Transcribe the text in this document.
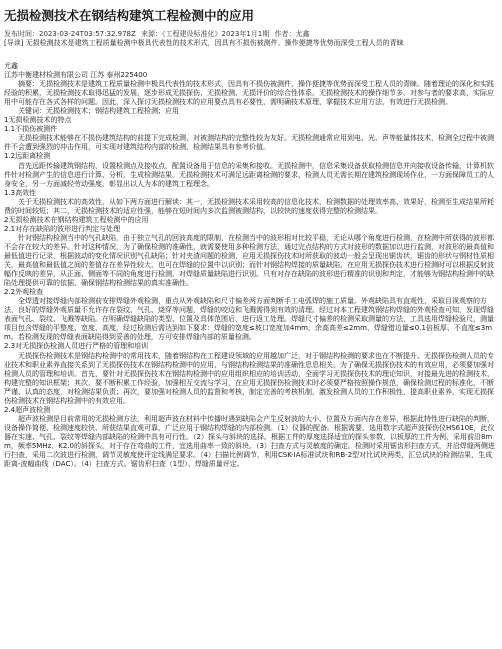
无损检测技术在钢结构建筑工程检测中的应用
发布时间：2023-03-24T03:57:32.978Z 来源：《工程建设标准化》2023年1月1期 作者：尤鑫
[导读] 无损检测技术是建筑工程质量检测中极具代表性的技术形式，因具有不损伤被测件、操作便捷等优势而深受工程人员的青睐

尤鑫

江苏中衡建材检测有限公司 江苏 泰州225400

摘要：无损检测技术是建筑工程质量检测中极具代表性的技术形式，因具有不损伤被测件、操作便捷等优势而深受工程人员的青睐。随着理论的深化和实践经验的积累，无损检测技术取得迅猛的发展，逐步形成无损探伤、无损检测、无损评价的综合性体系。无损检测技术的操作细节多，对参与者的要求高，实际应用中可能存在各式各样的问题。因此，深入探讨无损检测技术的应用要点具有必要性，需明确技术原理，掌握技术应用方法，有效进行无损检测。

关键词：无损检测技术；钢结构建筑工程检测；应用

1无损检测技术的特点

1.1不损伤被测件

无损检测技术能够在不损伤建筑结构的前提下完成检测，对被测结构的完整性较为友好。无损检测通常应用到电、光、声等能量体技术，检测全过程中被测件不会遭到强烈的冲击作用，可实现对建筑结构内部的检测，检测结果具有参考价值。

1.2远距离检测

首先远距传输建筑钢结构，设置检测点及接收点，配置设备用于信息的采集和接收。无损检测中，信息采集设备获取检测信息并向接收设备传输，计算机软件针对检测产生的信息进行计算、分析，生成检测结果。无损检测技术可满足远距离检测的要求，检测人员无需长期在建筑检测现场作业，一方面保障员工的人身安全，另一方面减轻劳动强度，彰显出以人为本的建筑工程理念。

1.3高效性

关于无损检测技术的高效性，从如下两方面进行解读：其一，无损检测技术采用较高的信息化技术，检测数据的处理效率高、效果好，检测至生成结果所耗费的时间较短；其二，无损检测技术的适应性强，能够在短时间内多次监测被测结构，以较快的速度获得完整的检测结果。

2无损检测技术在钢结构建筑工程检测中的应用

2.1对存在缺陷的波形进行判定与处理

针对钢结构检测当中的气孔缺陷，由于独立气孔的回波高度的限制，在检测当中的波形相对比较平稳，无论从哪个角度进行检测，在检测中所获得的波形都不会存在较大的差异。针对这种情况，为了确保检测的准确性，就需要使用多种检测方法，通过完点结构的方式对波形的数据加以进行监测，对波形的最高值和最低值进行记录，根据波动的变化情况识别气孔缺陷；针对夹渣问题的检测，应用无损探伤技术时所获取的波动一般会呈现出锯齿状，锯齿的形状与钢材性质相关，最高值和最低值之间的差值存在差异性较大，也可在焊缝的位置中以识别；而针对钢结构焊接的质量缺陷，在应用无损探伤技术进行检测时可以根据反射波幅作反映的差异，从正面、侧面等不同的角度进行检测，对焊缝质量缺陷进行识别。只有对存在缺陷的波形进行精准的识别和判定，才能够为钢结构检测中的缺陷处理提供可靠的依据，确保钢结构检测结果的真实准确性。

2.2外观检查

全焊透对接焊缝内部检测前安排焊缝外观检测，重点从外观缺陷和尺寸偏差两方面判断手工电弧焊的施工质量。外观缺陷具有直观性，采取目视观察的方法，良好的焊缝外观质量不允许存在裂纹、气孔、烧穿等问题，焊缝的咬边和飞溅需得到有效的清理。经过对本工程建筑钢结构焊缝的外观检查可知，发现焊缝表面气孔、裂纹、飞溅等缺陷。在明确焊缝缺陷的类型、位置及具体范围后，进行返工处理。焊缝尺寸偏差的检测采取测量的方法，工具选用焊缝检验尺，测量项目包含焊缝的平整度、宽度、高度，经过检测后需达到如下要求：焊缝的宽度≤坡口宽度加4mm、余高高差≤2mm、焊缝错边量≤0.1倍板厚、不直度≤3mm。若检测发现的焊缝表面缺陷得到妥善的处理，方可安排焊缝内部的质量检测。

2.3对无损探伤检测人员进行严格的管理和培训

无损探伤检测技术是钢结构检测中的常用技术，随着钢结构在工程建设领域的应用越加广泛，对于钢结构检测的要求也在不断提升。无损探伤检测人员的专业技术和职业素养直接关系到了无损探伤技术在钢结构检测中的应用，与钢结构检测结果的准确性息息相关。为了确保无损探伤技术的有效应用，必须要加强对检测人员的管理和培训。首先，要针对无损探伤技术在钢结构检测中的应用组织相应的培训活动，全面学习无损探伤技术的理论知识，对接最先进的检测技术，构建完整的知识框架；其次，要不断积累工作经验，加强相互交流与学习，在应用无损探伤检测技术时必须要严格按照操作规范，确保检测过程的标准化，不断严谨、认真的态度，对检测结果负责；再次，要加强对检测人员的监督和考核，制定完善的考核机制，激发检测人员的工作积极性，提高职业素养，实现无损探伤检测技术在钢结构检测中的有效应用。

2.4超声波检测

超声波检测是目前常用的无损检测方法，利用超声波在材料中传播时遇到缺陷会产生反射波的大小、位置及方面内存在差异，根据此特性进行缺陷的判断，设备操作简便、检测速度较快、所获结果直观可靠，广泛应用于钢结构焊缝的内部检测。（1）仪器的配备。根据需要，选用数字式超声波探伤仪HS610E，此仪器在实速、气孔、裂纹等焊缝内部缺陷的检测中具有可行性。（2）探头与斜块的选择。根据工件的厚度选择适宜的探头参数，以板厚的工件为例，采用前沿8mm，频率5MHz、K2.0的斜探头，对于存在弯曲的工件，宜选用曲率一致的斜块。（3）扫查方式与灵敏度的确定。检测时采用锯齿形扫查方式，并沿焊缝两侧进行扫查，采用二次波进行检测，调节灵敏度使评定线满足要求。（4）扫描比例调节，利用CSK-ⅠA标准试块和RB-2型对比试块两类，汇总试块的检测结果，生成距离-波幅曲线（DAC）。（4）扫查方式。锯齿形扫查（1型）、焊缝质量评定。
